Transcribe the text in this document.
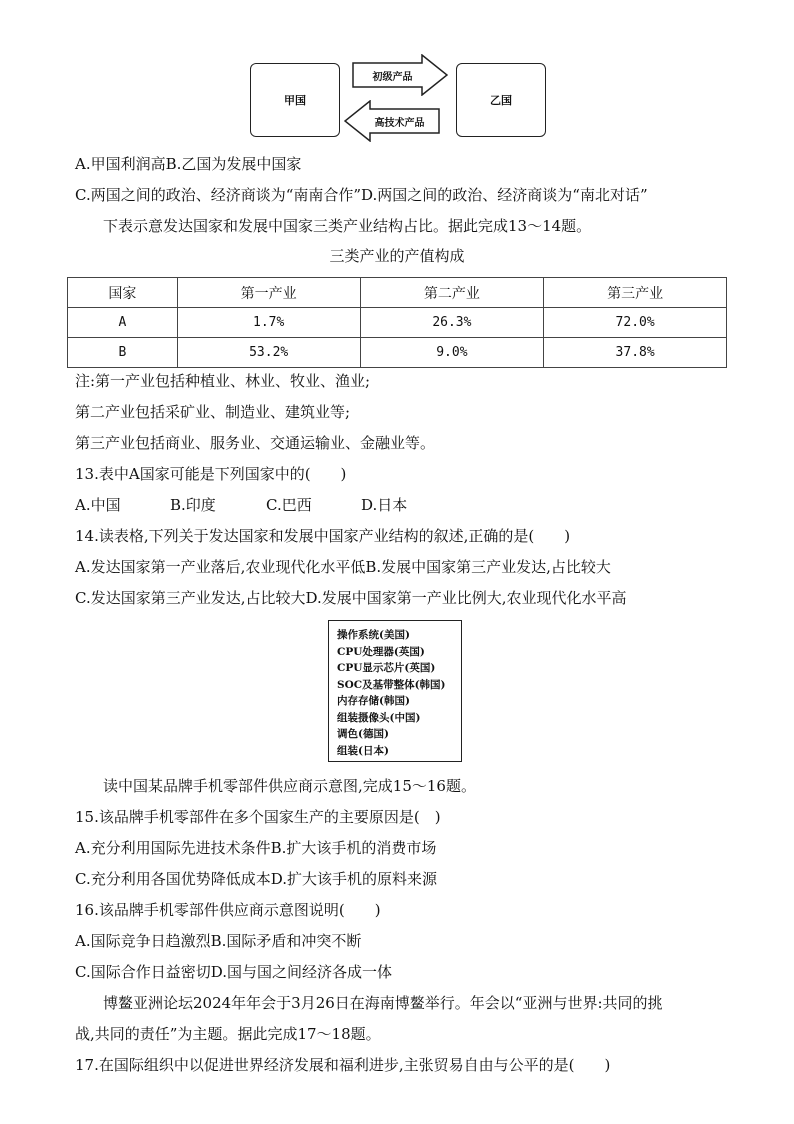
甲国	乙国
初级产品
高技术产品
A.甲国利润高B.乙国为发展中国家
C.两国之间的政治、经济商谈为“南南合作”D.两国之间的政治、经济商谈为“南北对话”
下表示意发达国家和发展中国家三类产业结构占比。据此完成13～14题。
三类产业的产值构成
国家	第一产业	第二产业	第三产业
A	1.7%	26.3%	72.0%
B	53.2%	9.0%	37.8%
注:第一产业包括种植业、林业、牧业、渔业;
第二产业包括采矿业、制造业、建筑业等;
第三产业包括商业、服务业、交通运输业、金融业等。
13.表中A国家可能是下列国家中的(　　)
A.中国	B.印度	C.巴西	D.日本
14.读表格,下列关于发达国家和发展中国家产业结构的叙述,正确的是(　　)
A.发达国家第一产业落后,农业现代化水平低B.发展中国家第三产业发达,占比较大
C.发达国家第三产业发达,占比较大D.发展中国家第一产业比例大,农业现代化水平高
操作系统(美国)
CPU处理器(英国)
CPU显示芯片(英国)
SOC及基带整体(韩国)
内存存储(韩国)
组装摄像头(中国)
调色(德国)
组装(日本)
读中国某品牌手机零部件供应商示意图,完成15～16题。
15.该品牌手机零部件在多个国家生产的主要原因是(　)
A.充分利用国际先进技术条件B.扩大该手机的消费市场
C.充分利用各国优势降低成本D.扩大该手机的原料来源
16.该品牌手机零部件供应商示意图说明(　　)
A.国际竞争日趋激烈B.国际矛盾和冲突不断
C.国际合作日益密切D.国与国之间经济各成一体
博鳌亚洲论坛2024年年会于3月26日在海南博鳌举行。年会以“亚洲与世界:共同的挑
战,共同的责任”为主题。据此完成17～18题。
17.在国际组织中以促进世界经济发展和福利进步,主张贸易自由与公平的是(　　)
